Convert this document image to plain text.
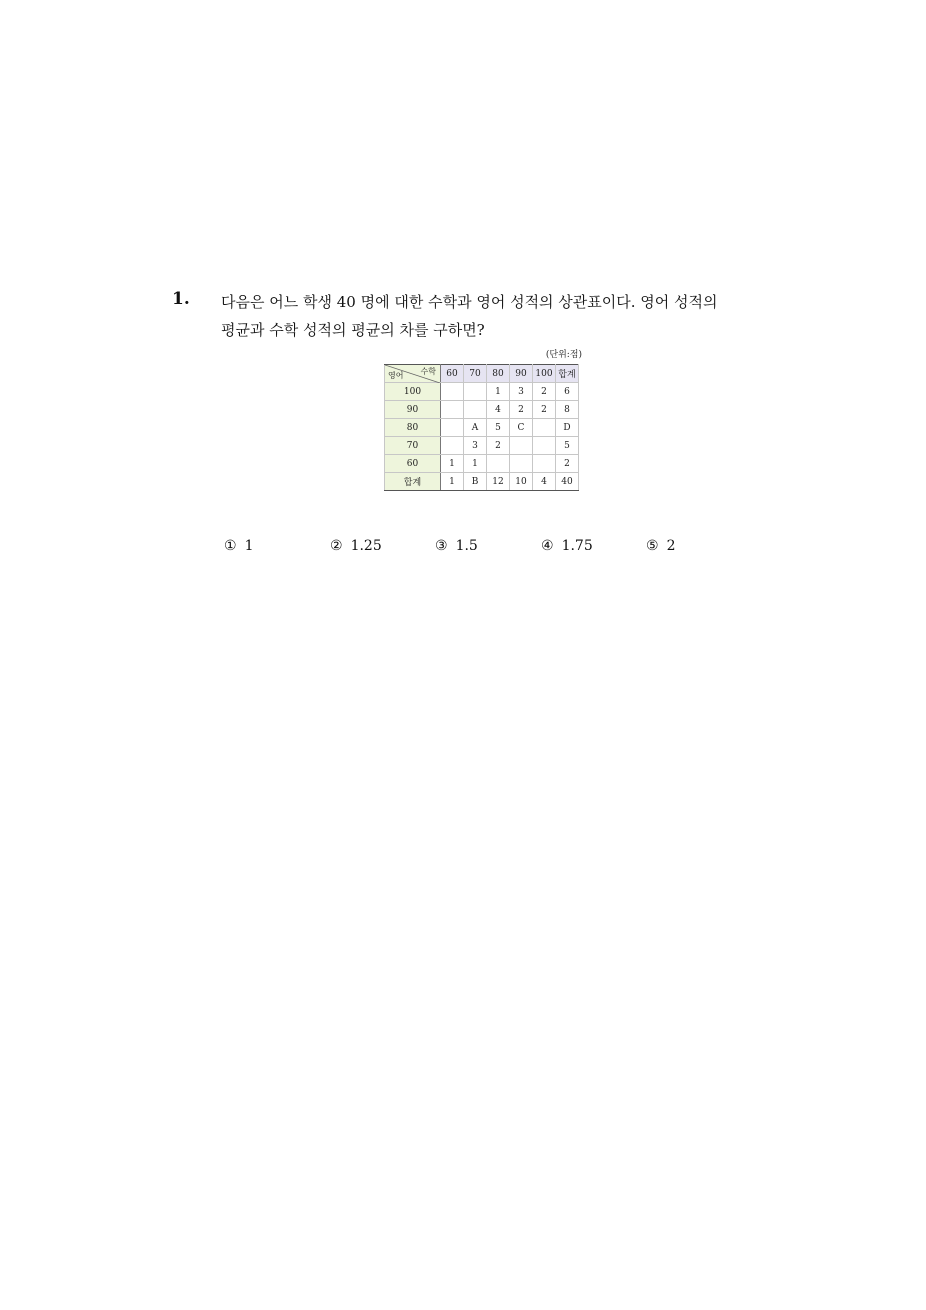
1. 다음은 어느 학생 40 명에 대한 수학과 영어 성적의 상관표이다. 영어 성적의
평균과 수학 성적의 평균의 차를 구하면?
(단위:점)
수학
영어	60	70	80	90	100	합계
100			1	3	2	6
90			4	2	2	8
80		A	5	C		D
70		3	2			5
60	1	1				2
합계	1	B	12	10	4	40
① 1	② 1.25	③ 1.5	④ 1.75	⑤ 2
